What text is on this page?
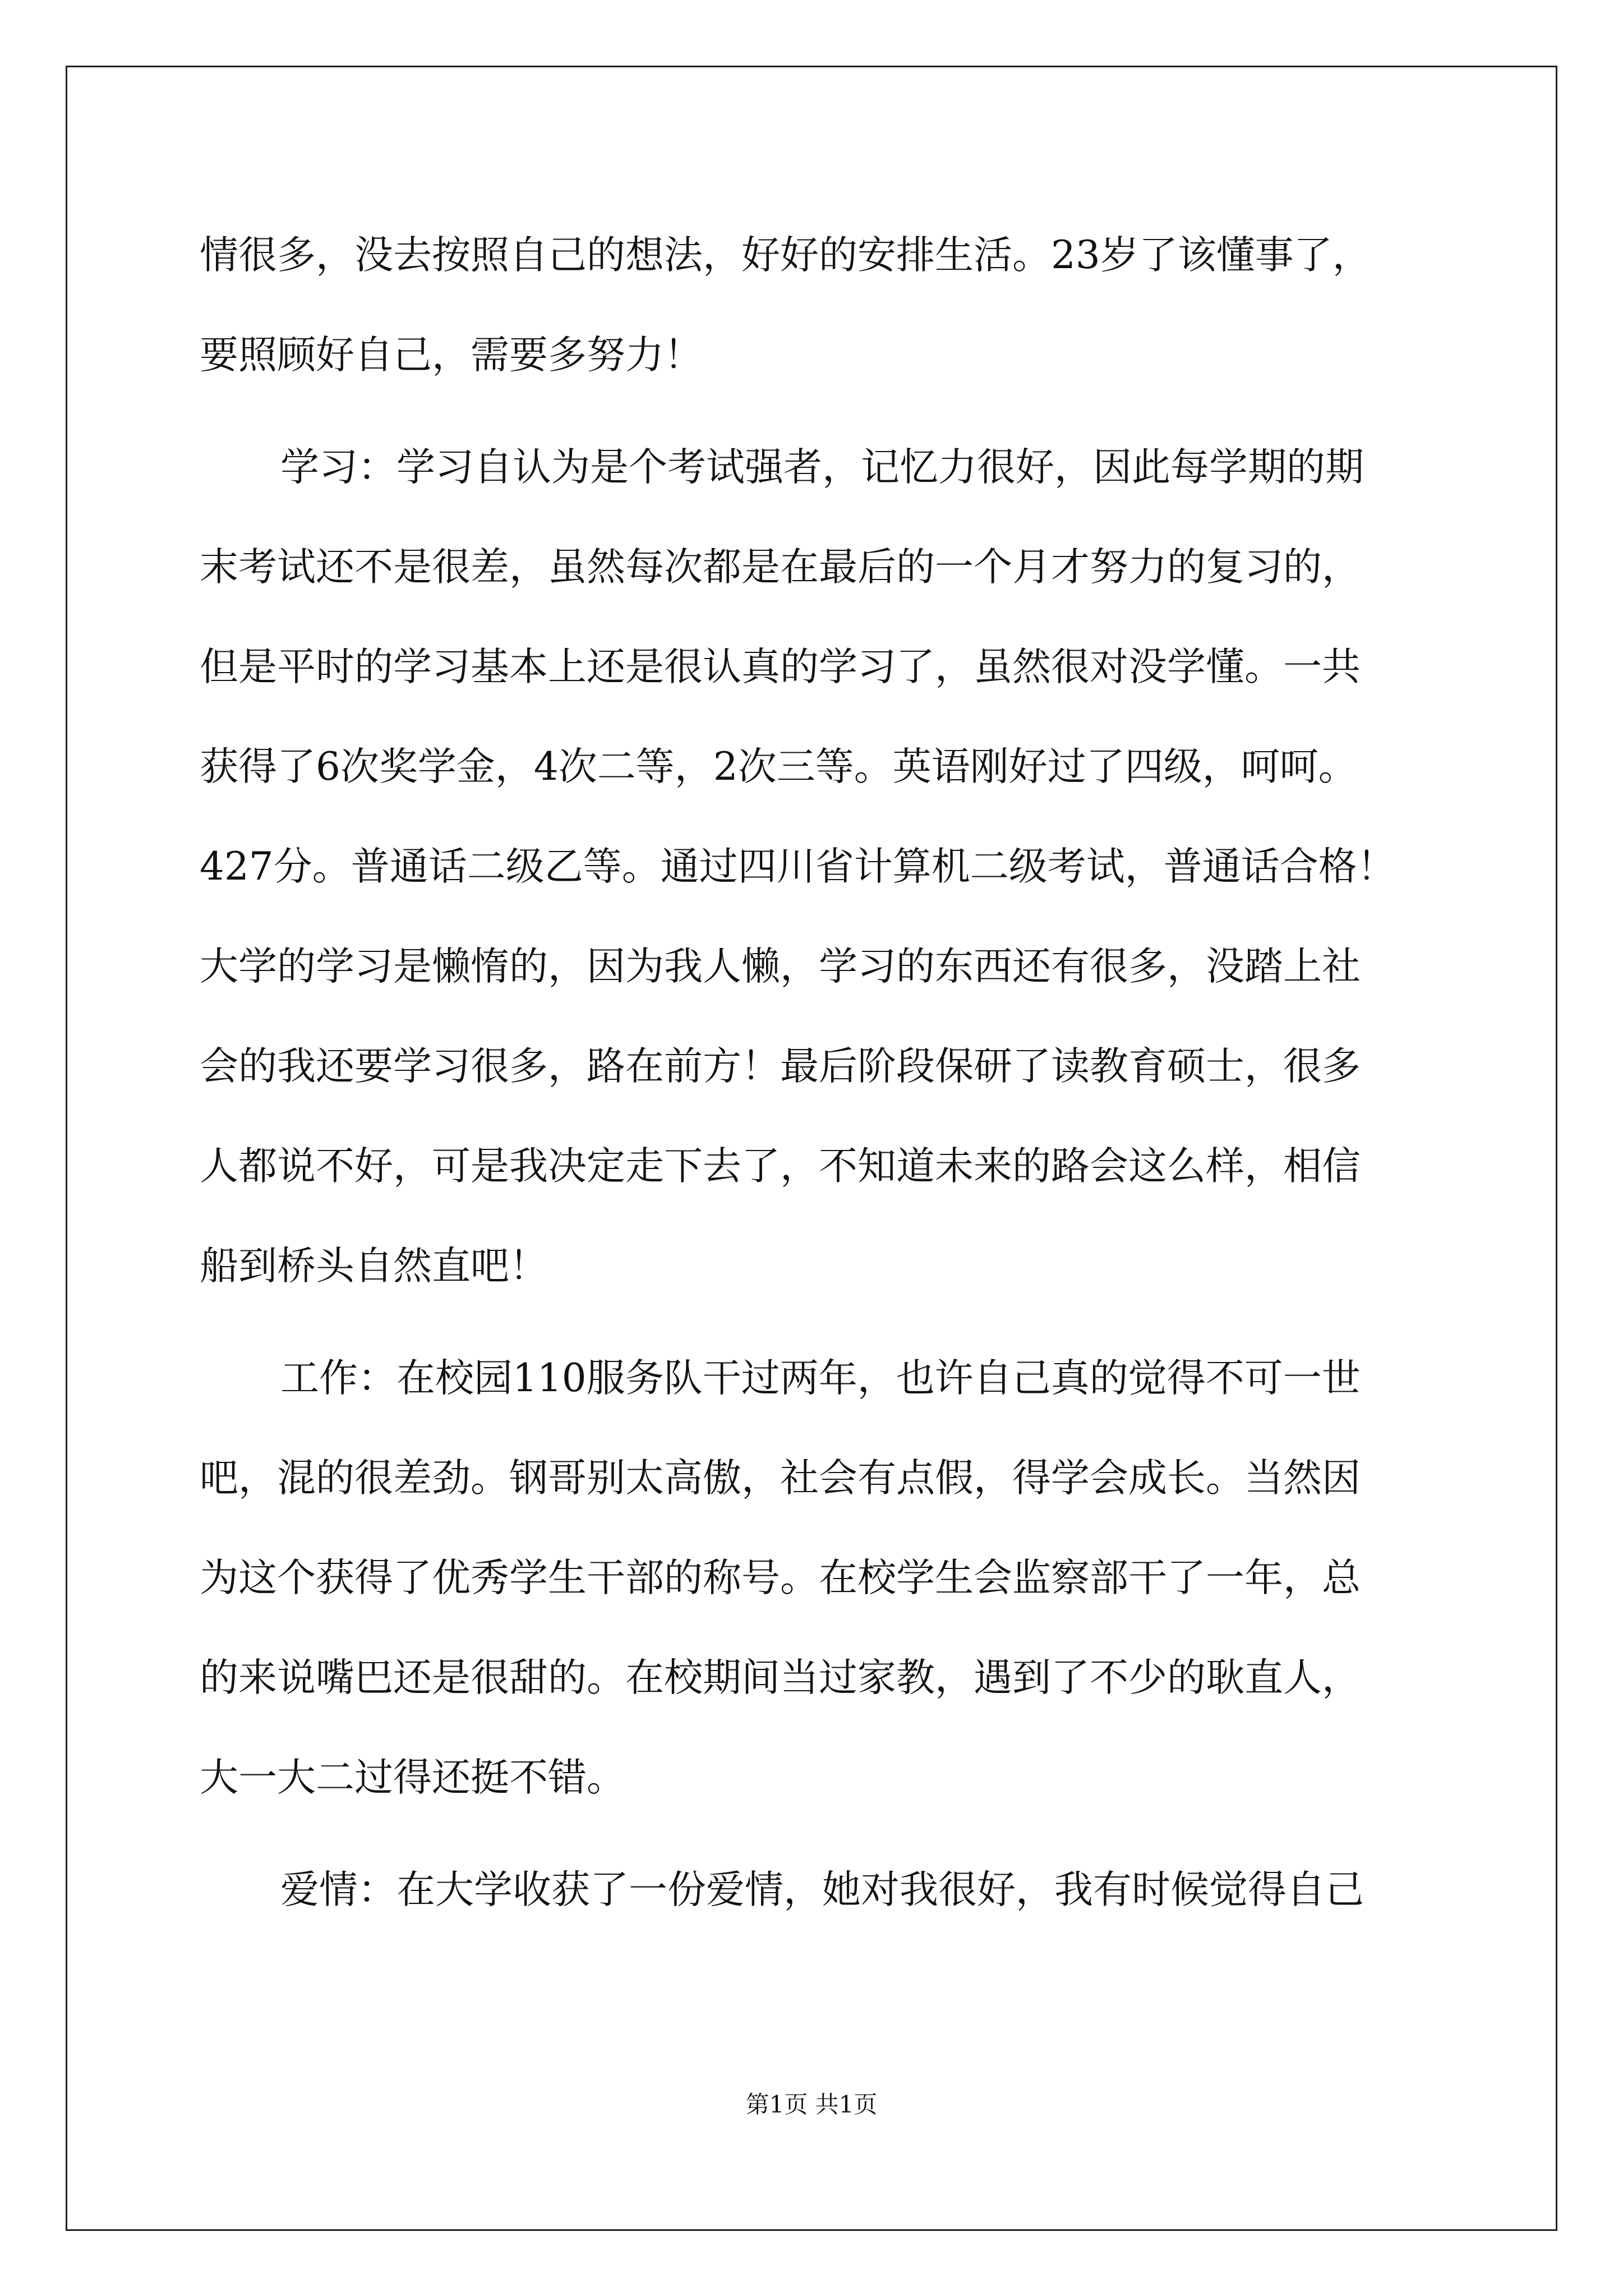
情很多，没去按照自己的想法，好好的安排生活。23岁了该懂事了，
要照顾好自己，需要多努力！
学习：学习自认为是个考试强者，记忆力很好，因此每学期的期
末考试还不是很差，虽然每次都是在最后的一个月才努力的复习的，
但是平时的学习基本上还是很认真的学习了，虽然很对没学懂。一共
获得了6次奖学金，4次二等，2次三等。英语刚好过了四级，呵呵。
427分。普通话二级乙等。通过四川省计算机二级考试，普通话合格！
大学的学习是懒惰的，因为我人懒，学习的东西还有很多，没踏上社
会的我还要学习很多，路在前方！最后阶段保研了读教育硕士，很多
人都说不好，可是我决定走下去了，不知道未来的路会这么样，相信
船到桥头自然直吧！
工作：在校园110服务队干过两年，也许自己真的觉得不可一世
吧，混的很差劲。钢哥别太高傲，社会有点假，得学会成长。当然因
为这个获得了优秀学生干部的称号。在校学生会监察部干了一年，总
的来说嘴巴还是很甜的。在校期间当过家教，遇到了不少的耿直人，
大一大二过得还挺不错。
爱情：在大学收获了一份爱情，她对我很好，我有时候觉得自己
第1页 共1页
